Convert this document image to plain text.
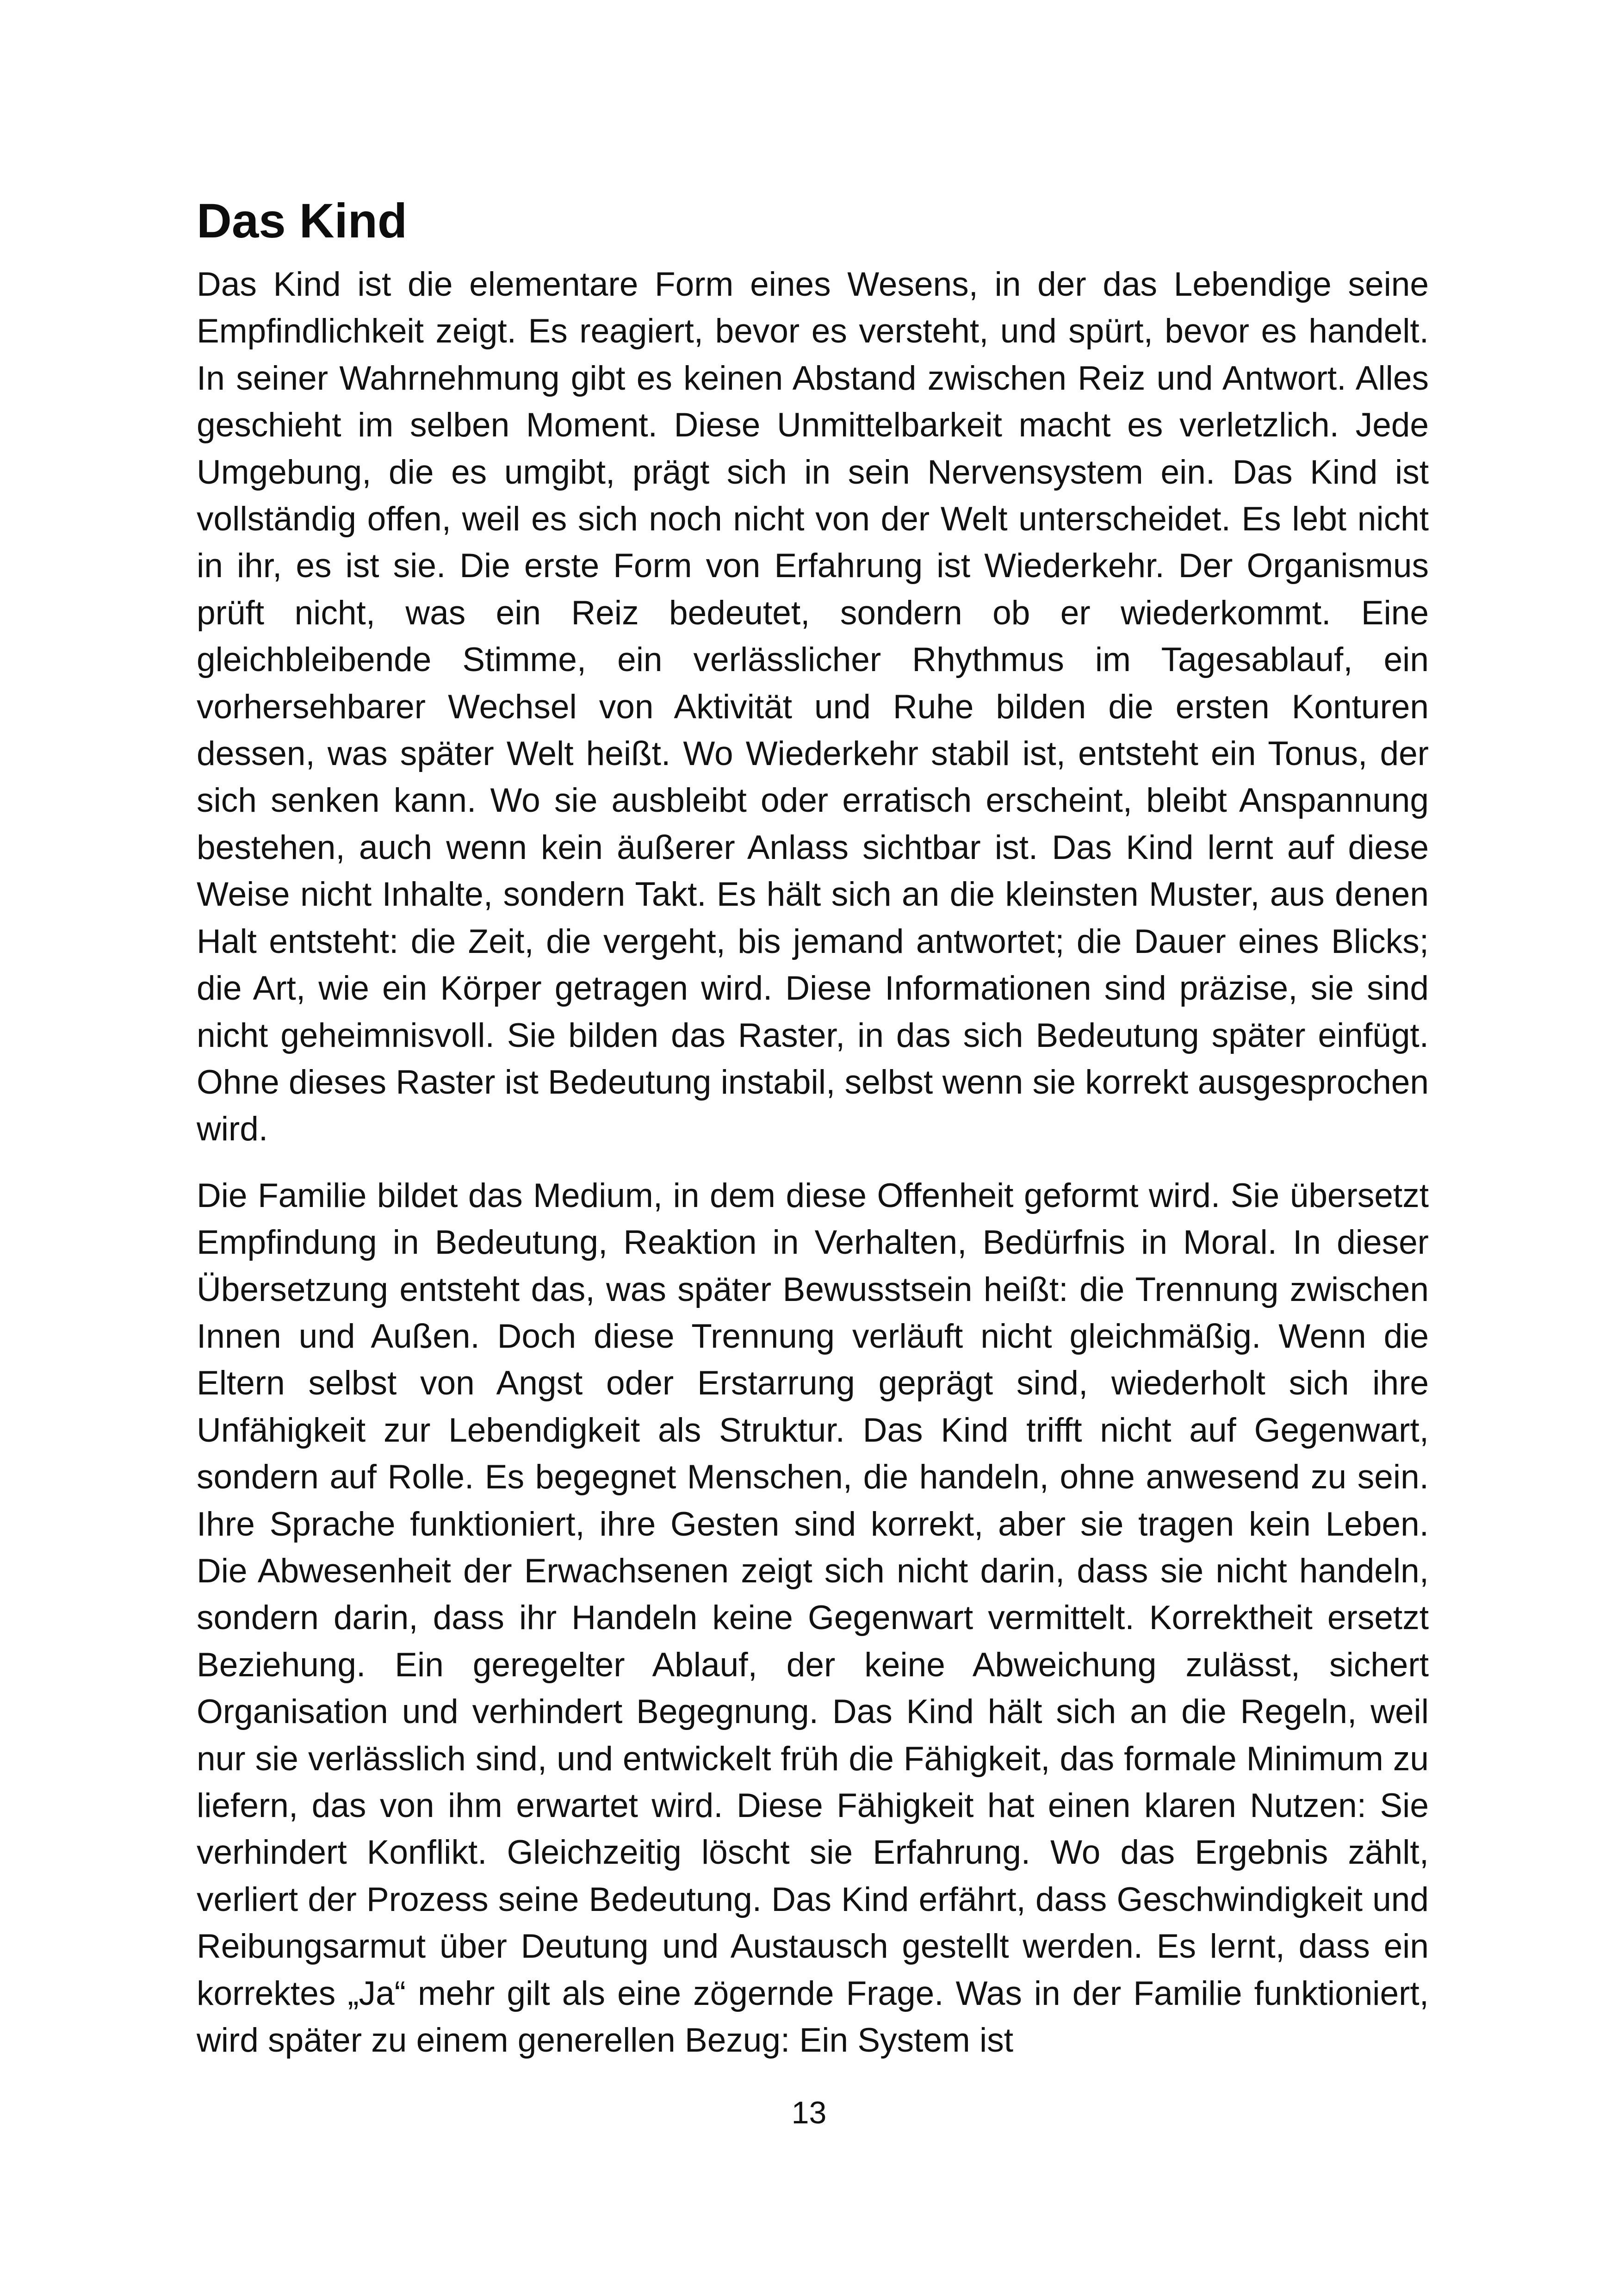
Das Kind

Das Kind ist die elementare Form eines Wesens, in der das Lebendige seine Empfindlichkeit zeigt. Es reagiert, bevor es versteht, und spürt, bevor es handelt. In seiner Wahrnehmung gibt es keinen Abstand zwischen Reiz und Antwort. Alles geschieht im selben Moment. Diese Unmittelbarkeit macht es verletzlich. Jede Umgebung, die es umgibt, prägt sich in sein Nervensystem ein. Das Kind ist vollständig offen, weil es sich noch nicht von der Welt unterscheidet. Es lebt nicht in ihr, es ist sie. Die erste Form von Erfahrung ist Wiederkehr. Der Organismus prüft nicht, was ein Reiz bedeutet, sondern ob er wiederkommt. Eine gleichbleibende Stimme, ein verlässlicher Rhythmus im Tagesablauf, ein vorhersehbarer Wechsel von Aktivität und Ruhe bilden die ersten Konturen dessen, was später Welt heißt. Wo Wiederkehr stabil ist, entsteht ein Tonus, der sich senken kann. Wo sie ausbleibt oder erratisch erscheint, bleibt Anspannung bestehen, auch wenn kein äußerer Anlass sichtbar ist. Das Kind lernt auf diese Weise nicht Inhalte, sondern Takt. Es hält sich an die kleinsten Muster, aus denen Halt entsteht: die Zeit, die vergeht, bis jemand antwortet; die Dauer eines Blicks; die Art, wie ein Körper getragen wird. Diese Informationen sind präzise, sie sind nicht geheimnisvoll. Sie bilden das Raster, in das sich Bedeutung später einfügt. Ohne dieses Raster ist Bedeutung instabil, selbst wenn sie korrekt ausgesprochen wird.

Die Familie bildet das Medium, in dem diese Offenheit geformt wird. Sie übersetzt Empfindung in Bedeutung, Reaktion in Verhalten, Bedürfnis in Moral. In dieser Übersetzung entsteht das, was später Bewusstsein heißt: die Trennung zwischen Innen und Außen. Doch diese Trennung verläuft nicht gleichmäßig. Wenn die Eltern selbst von Angst oder Erstarrung geprägt sind, wiederholt sich ihre Unfähigkeit zur Lebendigkeit als Struktur. Das Kind trifft nicht auf Gegenwart, sondern auf Rolle. Es begegnet Menschen, die handeln, ohne anwesend zu sein. Ihre Sprache funktioniert, ihre Gesten sind korrekt, aber sie tragen kein Leben. Die Abwesenheit der Erwachsenen zeigt sich nicht darin, dass sie nicht handeln, sondern darin, dass ihr Handeln keine Gegenwart vermittelt. Korrektheit ersetzt Beziehung. Ein geregelter Ablauf, der keine Abweichung zulässt, sichert Organisation und verhindert Begegnung. Das Kind hält sich an die Regeln, weil nur sie verlässlich sind, und entwickelt früh die Fähigkeit, das formale Minimum zu liefern, das von ihm erwartet wird. Diese Fähigkeit hat einen klaren Nutzen: Sie verhindert Konflikt. Gleichzeitig löscht sie Erfahrung. Wo das Ergebnis zählt, verliert der Prozess seine Bedeutung. Das Kind erfährt, dass Geschwindigkeit und Reibungsarmut über Deutung und Austausch gestellt werden. Es lernt, dass ein korrektes „Ja“ mehr gilt als eine zögernde Frage. Was in der Familie funktioniert, wird später zu einem generellen Bezug: Ein System ist

13
